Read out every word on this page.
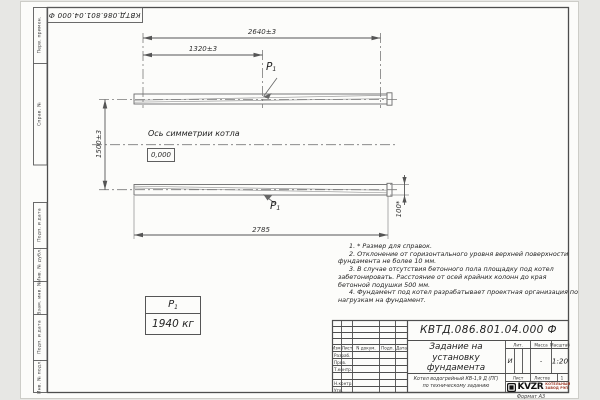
КВТД.086.801.04.000 Ф
Перв. примен.
Справ. №
Подп. и дата
Инв. № дубл.
Взам. инв. №
Подп. и дата
Инв. № подл.
2640±3
1320±3
1500±3
2785
100*
P1
P1
Ось симметрии котла
0,000
P1
1940 кг

1. * Размер для справок.

2. Отклонение от горизонтального уровня верхней поверхности фундамента не более 10 мм.

3. В случае отсутствия бетонного пола площадку под котел забетонировать. Расстояние от осей крайних колонн до края бетонной подушки 500 мм.

4. Фундамент под котел разрабатывает проектная организация по нагрузкам на фундамент.

КВТД.086.801.04.000 Ф
Изм. Лист N докум. Подп. Дата
Разраб.
Пров.
Т.контр.
Н.контр.
Утв.
Задание на
установку
фундамента
Котел водогрейный КВ-1,9 Д (ПГ)
по техническому заданию
Лит.	Масса Масштаб
И	- 1:20
Лист	Листов	1
KVZR КОТЕЛЬНЫЙ
ЗАВОД РЭП
Формат А3
